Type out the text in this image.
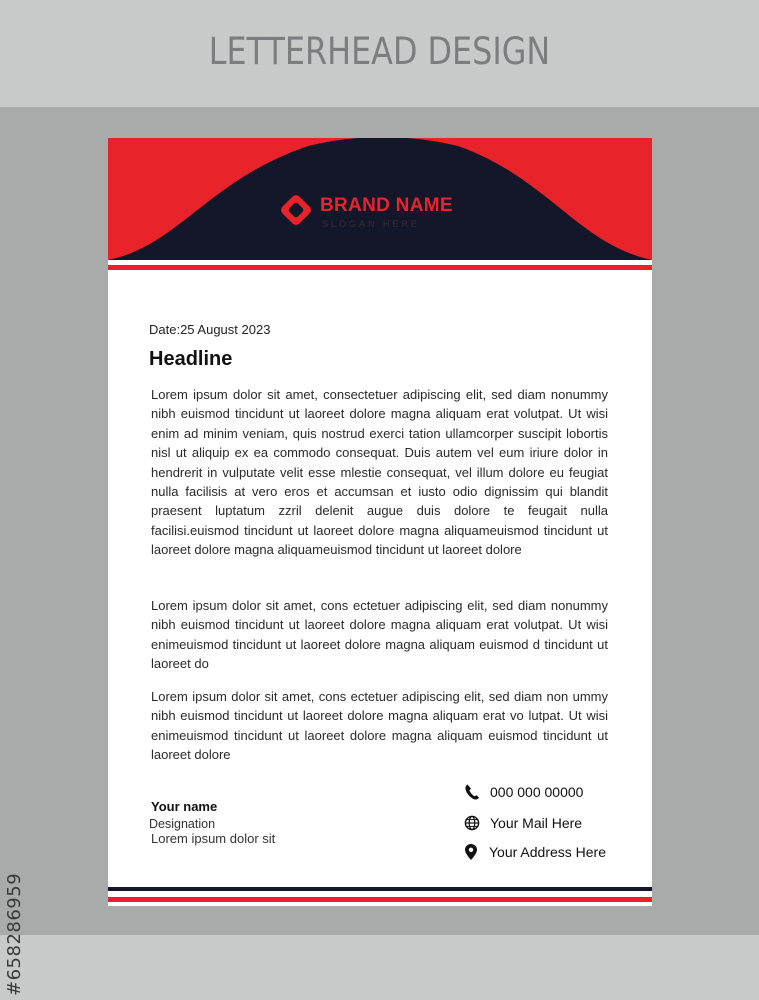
LETTERHEAD DESIGN
#658286959
BRAND NAME
SLOGAN HERE
Date:25 August 2023
Headline

Lorem ipsum dolor sit amet, consectetuer adipiscing elit, sed diam nonummy nibh euismod tincidunt ut laoreet dolore magna aliquam erat volutpat. Ut wisi enim ad minim veniam, quis nostrud exerci tation ullamcorper suscipit lobortis nisl ut aliquip ex ea commodo consequat. Duis autem vel eum iriure dolor in hendrerit in vulputate velit esse mlestie consequat, vel illum dolore eu feugiat nulla facilisis at vero eros et accumsan et iusto odio dignissim qui blandit praesent luptatum zzril delenit augue duis dolore te feugait nulla facilisi.euismod tincidunt ut laoreet dolore magna aliquameuismod tincidunt ut laoreet dolore magna aliquameuismod tincidunt ut laoreet dolore

Lorem ipsum dolor sit amet, cons ectetuer adipiscing elit, sed diam nonummy nibh euismod tincidunt ut laoreet dolore magna aliquam erat volutpat. Ut wisi enimeuismod tincidunt ut laoreet dolore magna aliquam euismod d tincidunt ut laoreet do

Lorem ipsum dolor sit amet, cons ectetuer adipiscing elit, sed diam non ummy nibh euismod tincidunt ut laoreet dolore magna aliquam erat vo lutpat. Ut wisi enimeuismod tincidunt ut laoreet dolore magna aliquam euismod tincidunt ut laoreet dolore

Your name
Designation
Lorem ipsum dolor sit
000 000 00000
Your Mail Here
Your Address Here
